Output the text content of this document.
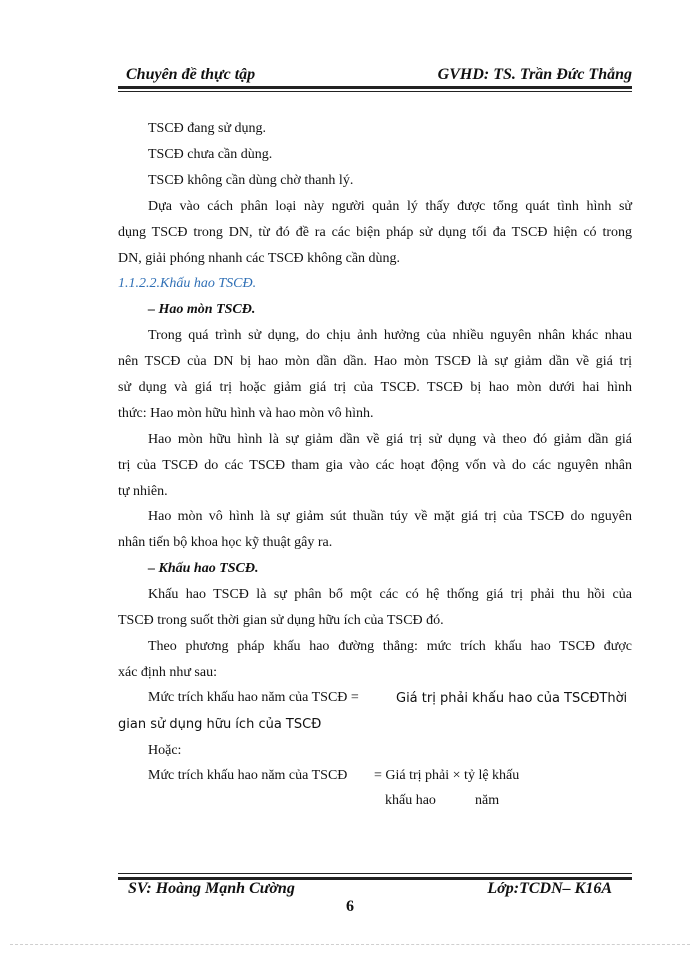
Chuyên đề thực tập	GVHD: TS. Trần Đức Thắng
TSCĐ đang sử dụng.
TSCĐ chưa cần dùng.
TSCĐ không cần dùng chờ thanh lý.
Dựa vào cách phân loại này người quản lý thấy được tổng quát tình hình sử
dụng TSCĐ trong DN, từ đó đề ra các biện pháp sử dụng tối đa TSCĐ hiện có trong
DN, giải phóng nhanh các TSCĐ không cần dùng.
1.1.2.2.Khấu hao TSCĐ.
– Hao mòn TSCĐ.
Trong quá trình sử dụng, do chịu ảnh hưởng của nhiều nguyên nhân khác nhau
nên TSCĐ của DN bị hao mòn dần dần. Hao mòn TSCĐ là sự giảm dần về giá trị
sử dụng và giá trị hoặc giảm giá trị của TSCĐ. TSCĐ bị hao mòn dưới hai hình
thức: Hao mòn hữu hình và hao mòn vô hình.
Hao mòn hữu hình là sự giảm dần về giá trị sử dụng và theo đó giảm dần giá
trị của TSCĐ do các TSCĐ tham gia vào các hoạt động vốn và do các nguyên nhân
tự nhiên.
Hao mòn vô hình là sự giảm sút thuần túy về mặt giá trị của TSCĐ do nguyên
nhân tiến bộ khoa học kỹ thuật gây ra.
– Khấu hao TSCĐ.
Khấu hao TSCĐ là sự phân bổ một các có hệ thống giá trị phải thu hồi của
TSCĐ trong suốt thời gian sử dụng hữu ích của TSCĐ đó.
Theo phương pháp khấu hao đường thẳng: mức trích khấu hao TSCĐ được
xác định như sau:
Mức trích khấu hao năm của TSCĐ =	Giá trị phải khấu hao của TSCĐThời
gian sử dụng hữu ích của TSCĐ
Hoặc:
Mức trích khấu hao năm của TSCĐ = Giá trị phải × tỷ lệ khấu
khấu hao	năm
SV: Hoàng Mạnh Cường	Lớp:TCDN– K16A
6
